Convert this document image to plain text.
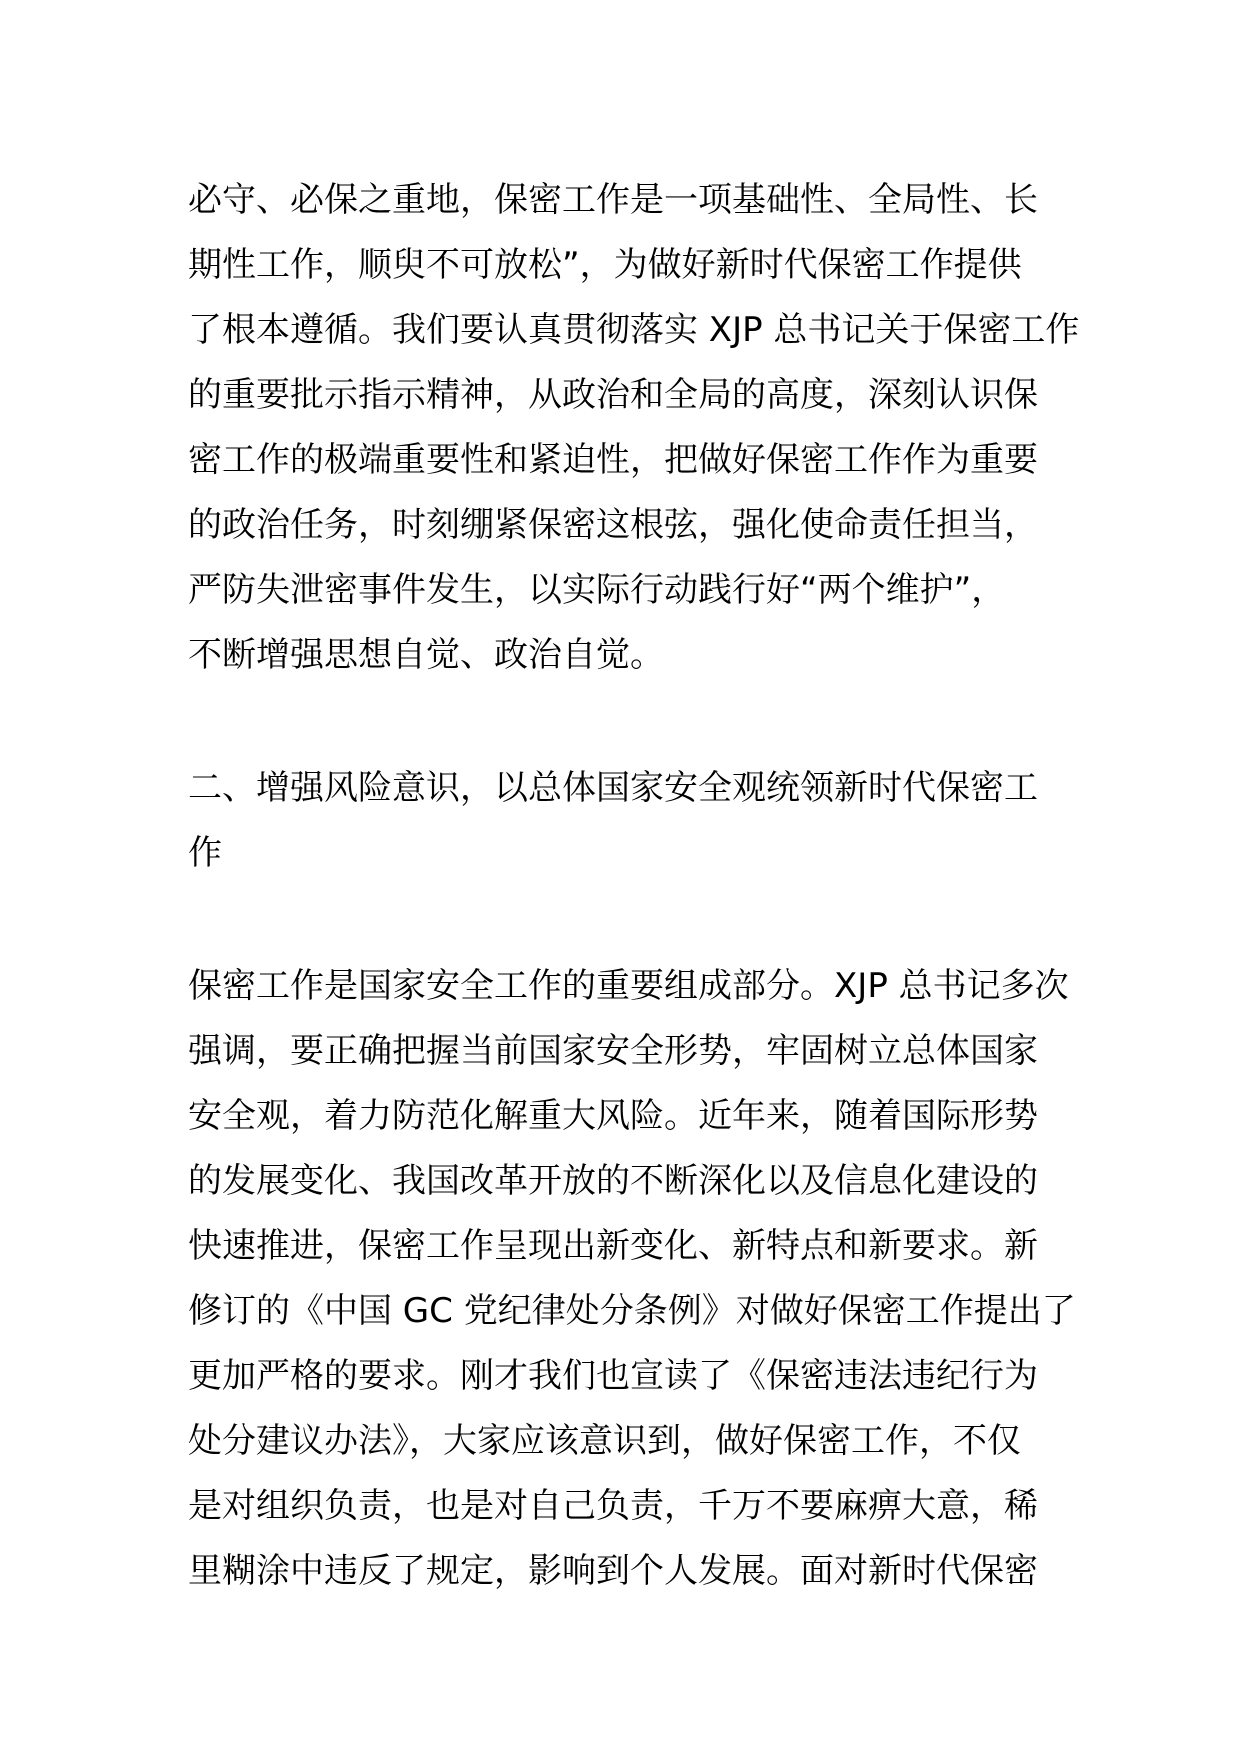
必守、必保之重地，保密工作是一项基础性、全局性、长
期性工作，顺臾不可放松”，为做好新时代保密工作提供
了根本遵循。我们要认真贯彻落实 XJP 总书记关于保密工作
的重要批示指示精神，从政治和全局的高度，深刻认识保
密工作的极端重要性和紧迫性，把做好保密工作作为重要
的政治任务，时刻绷紧保密这根弦，强化使命责任担当，
严防失泄密事件发生，以实际行动践行好“两个维护”，
不断增强思想自觉、政治自觉。
二、增强风险意识，以总体国家安全观统领新时代保密工
作
保密工作是国家安全工作的重要组成部分。XJP 总书记多次
强调，要正确把握当前国家安全形势，牢固树立总体国家
安全观，着力防范化解重大风险。近年来，随着国际形势
的发展变化、我国改革开放的不断深化以及信息化建设的
快速推进，保密工作呈现出新变化、新特点和新要求。新
修订的《中国 GC 党纪律处分条例》对做好保密工作提出了
更加严格的要求。刚才我们也宣读了《保密违法违纪行为
处分建议办法》，大家应该意识到，做好保密工作，不仅
是对组织负责，也是对自己负责，千万不要麻痹大意，稀
里糊涂中违反了规定，影响到个人发展。面对新时代保密
